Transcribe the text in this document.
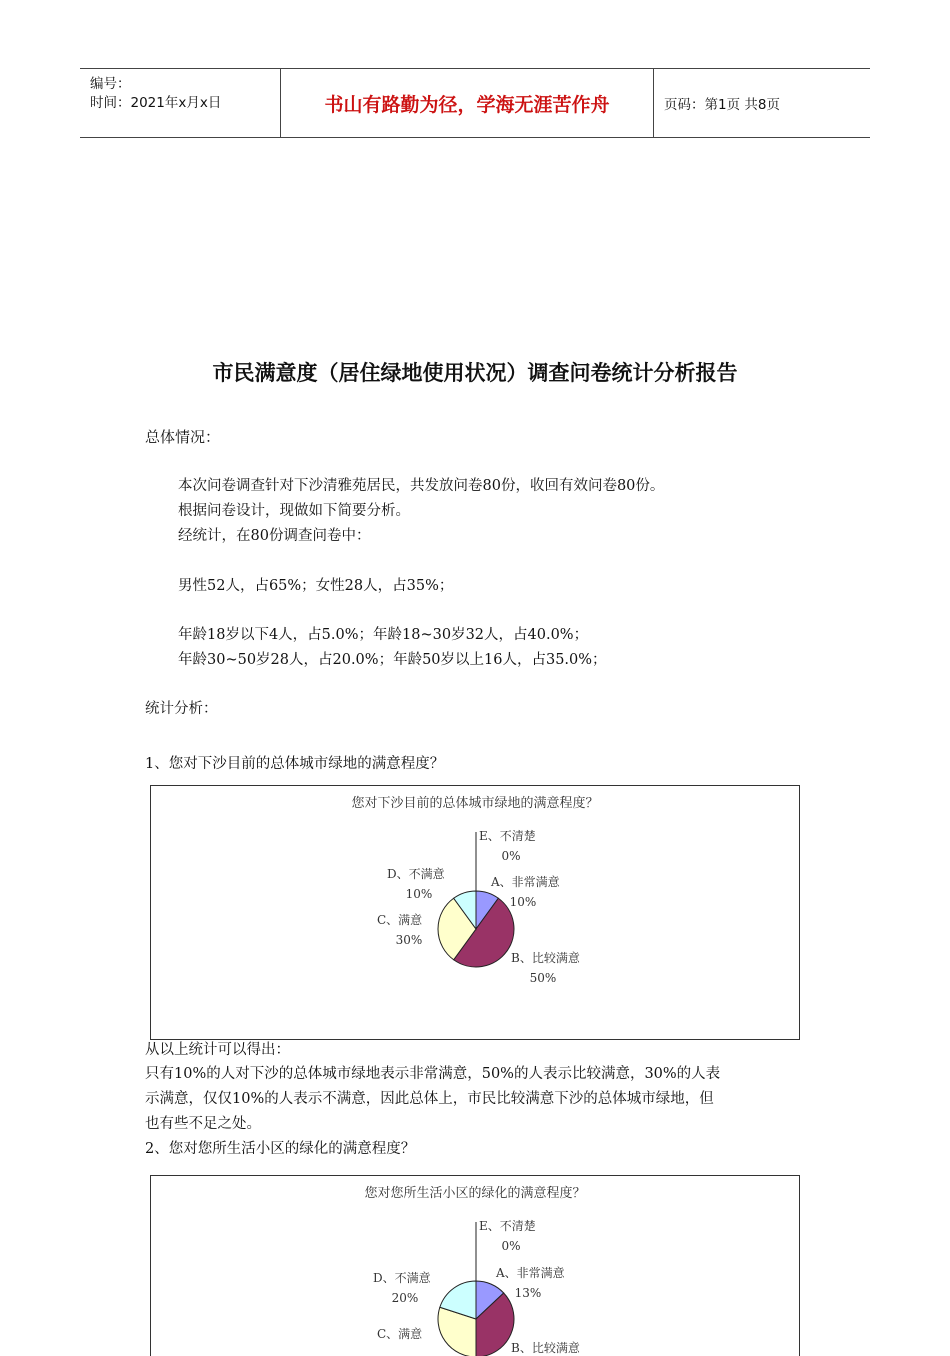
编号：
时间：2021年x月x日	书山有路勤为径，学海无涯苦作舟	页码：第1页 共8页
市民满意度（居住绿地使用状况）调查问卷统计分析报告
总体情况：
本次问卷调查针对下沙清雅苑居民，共发放问卷80份，收回有效问卷80份。
根据问卷设计，现做如下简要分析。
经统计，在80份调查问卷中：
男性52人，占65%；女性28人，占35%；
年龄18岁以下4人，占5.0%；年龄18~30岁32人，占40.0%；
年龄30~50岁28人，占20.0%；年龄50岁以上16人，占35.0%；
统计分析：
1、您对下沙目前的总体城市绿地的满意程度？
您对下沙目前的总体城市绿地的满意程度？
A、非常满意
10%
B、比较满意
50%
C、满意
30%
D、不满意
10%
E、不清楚
0%
从以上统计可以得出：
只有10%的人对下沙的总体城市绿地表示非常满意，50%的人表示比较满意，30%的人表
示满意，仅仅10%的人表示不满意，因此总体上，市民比较满意下沙的总体城市绿地，但
也有些不足之处。
2、您对您所生活小区的绿化的满意程度？
您对您所生活小区的绿化的满意程度？
A、非常满意
13%
B、比较满意
C、满意
D、不满意
20%
E、不清楚
0%
